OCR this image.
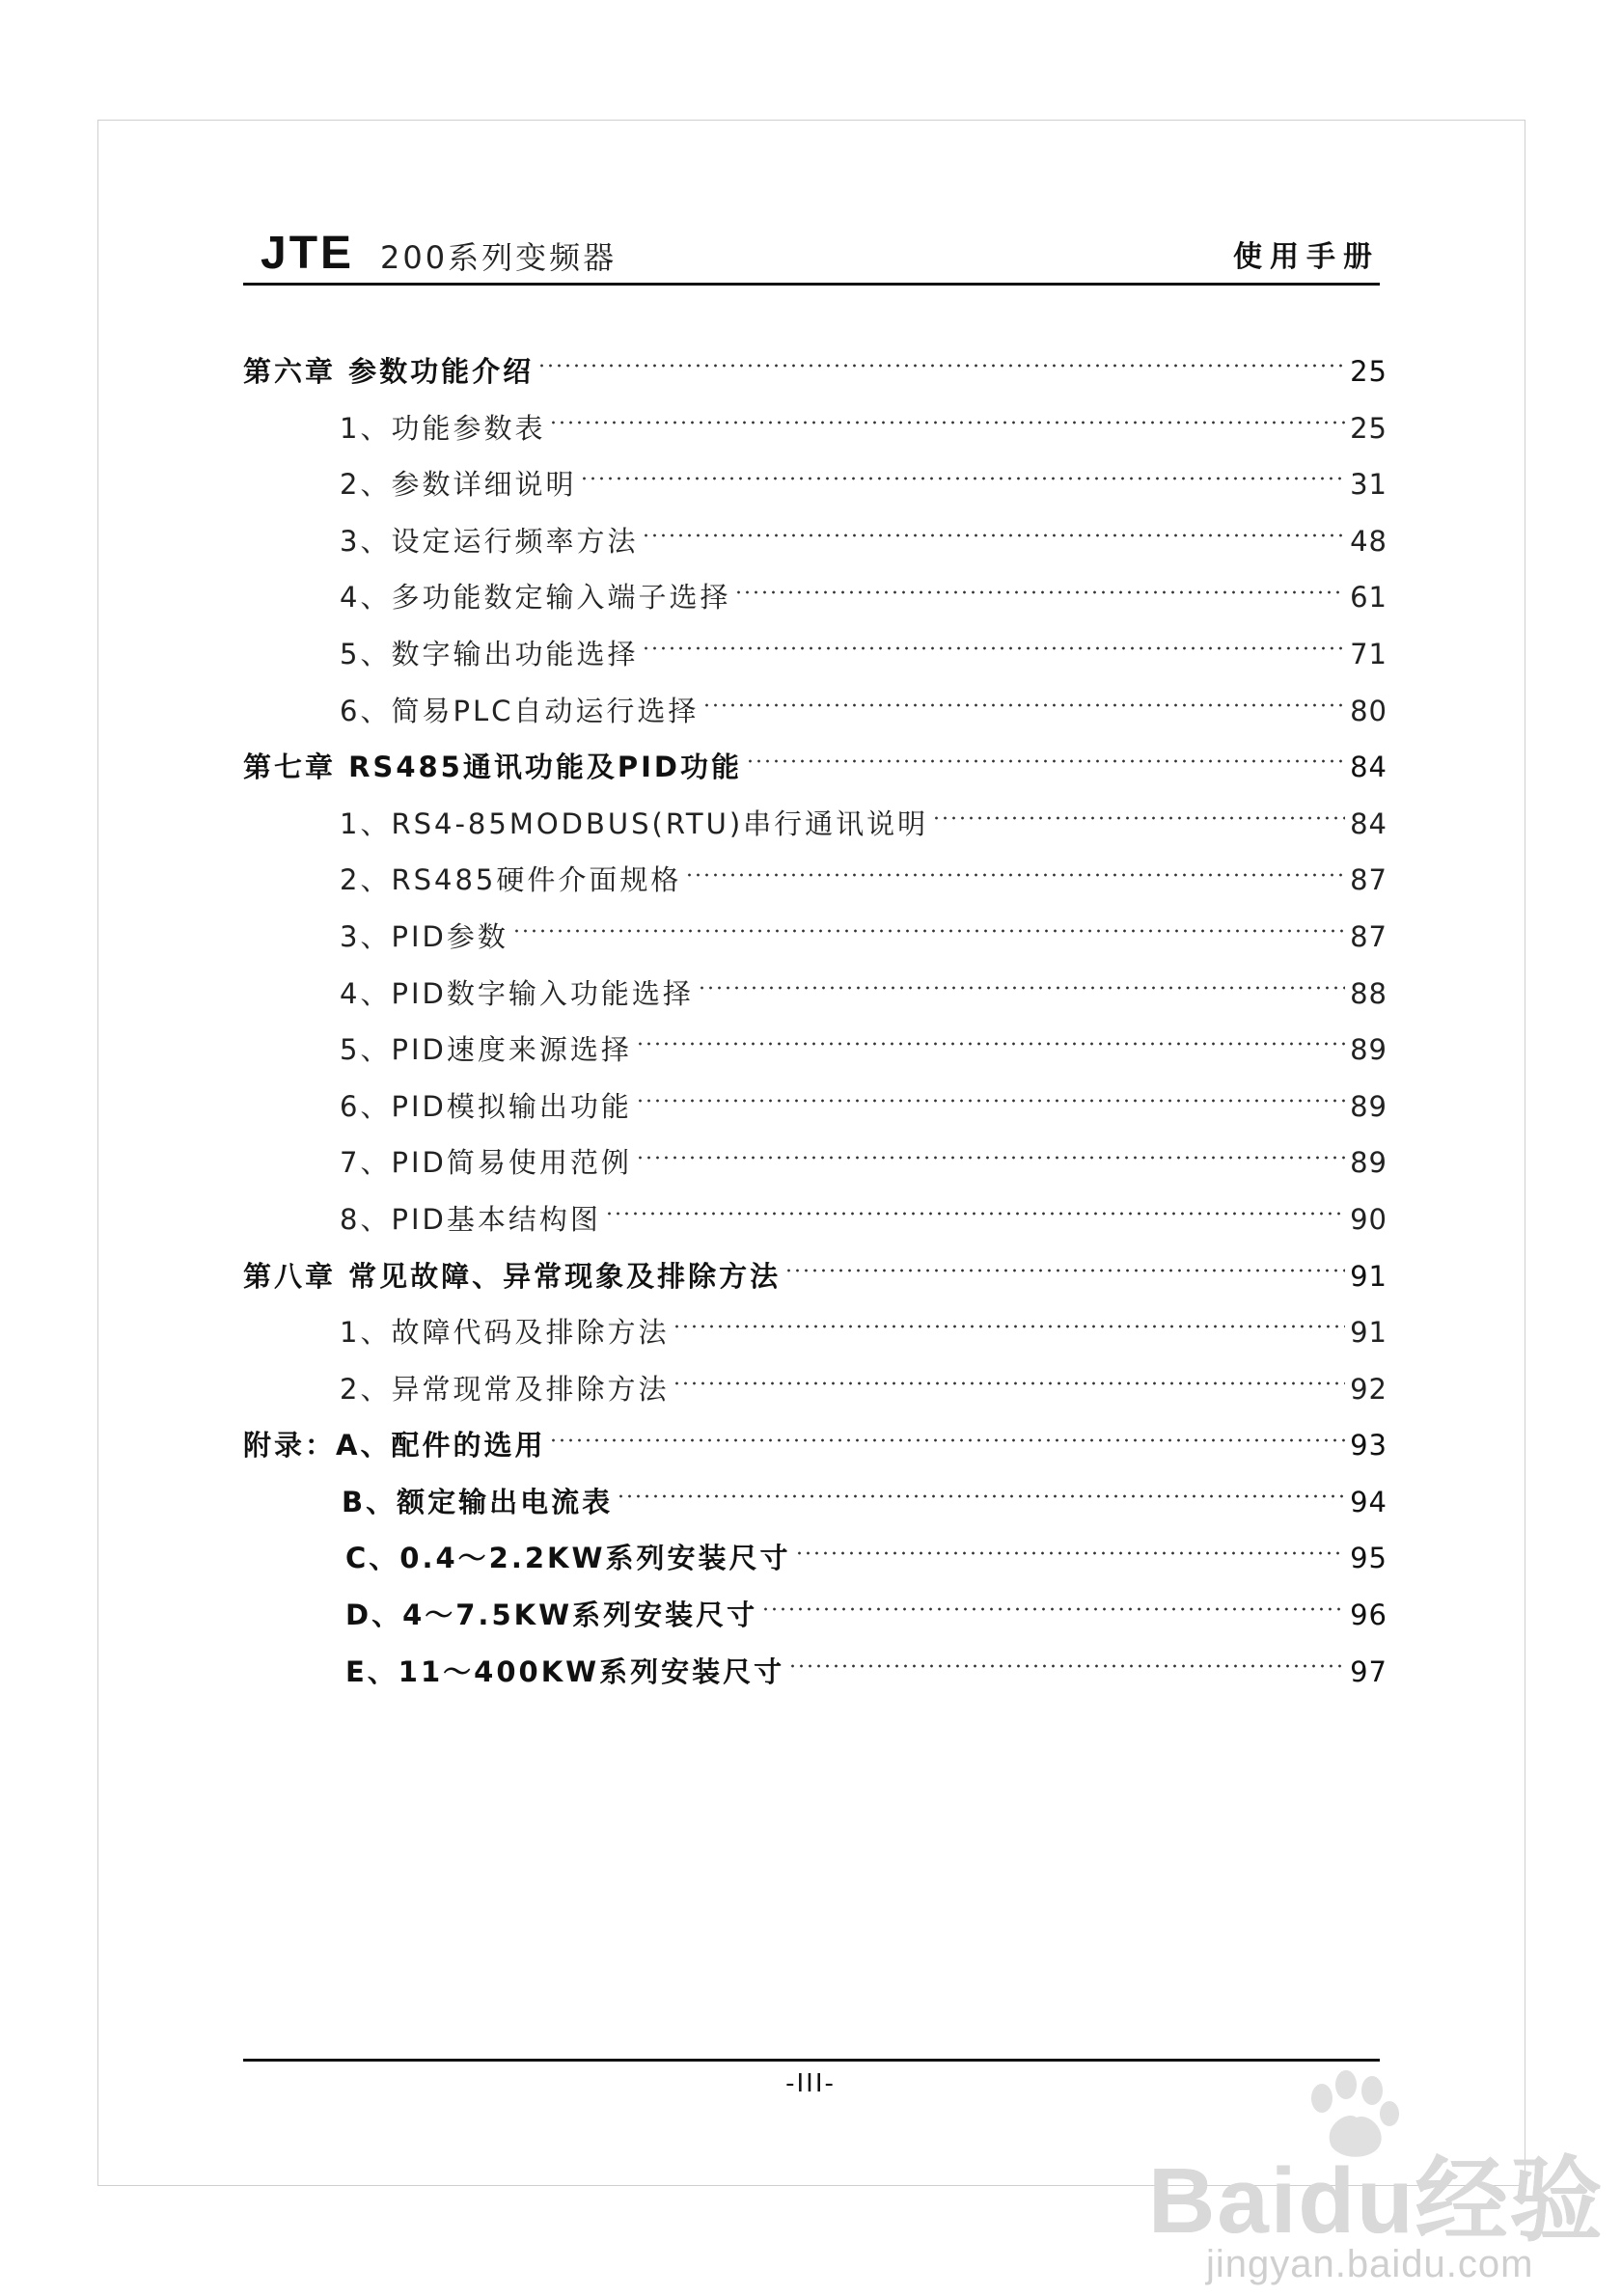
JTE 200系列变频器	使用手册
第六章 参数功能介绍	25
1、功能参数表	25
2、参数详细说明	31
3、设定运行频率方法	48
4、多功能数定输入端子选择	61
5、数字输出功能选择	71
6、简易PLC自动运行选择	80
第七章 RS485通讯功能及PID功能	84
1、RS4-85MODBUS(RTU)串行通讯说明	84
2、RS485硬件介面规格	87
3、PID参数	87
4、PID数字输入功能选择	88
5、PID速度来源选择	89
6、PID模拟输出功能	89
7、PID简易使用范例	89
8、PID基本结构图	90
第八章 常见故障、异常现象及排除方法	91
1、故障代码及排除方法	91
2、异常现常及排除方法	92
附录：A、配件的选用	93
B、额定输出电流表	94
C、0.4～2.2KW系列安装尺寸	95
D、4～7.5KW系列安装尺寸	96
E、11～400KW系列安装尺寸	97
-III-
Baidu经验
jingyan.baidu.com
